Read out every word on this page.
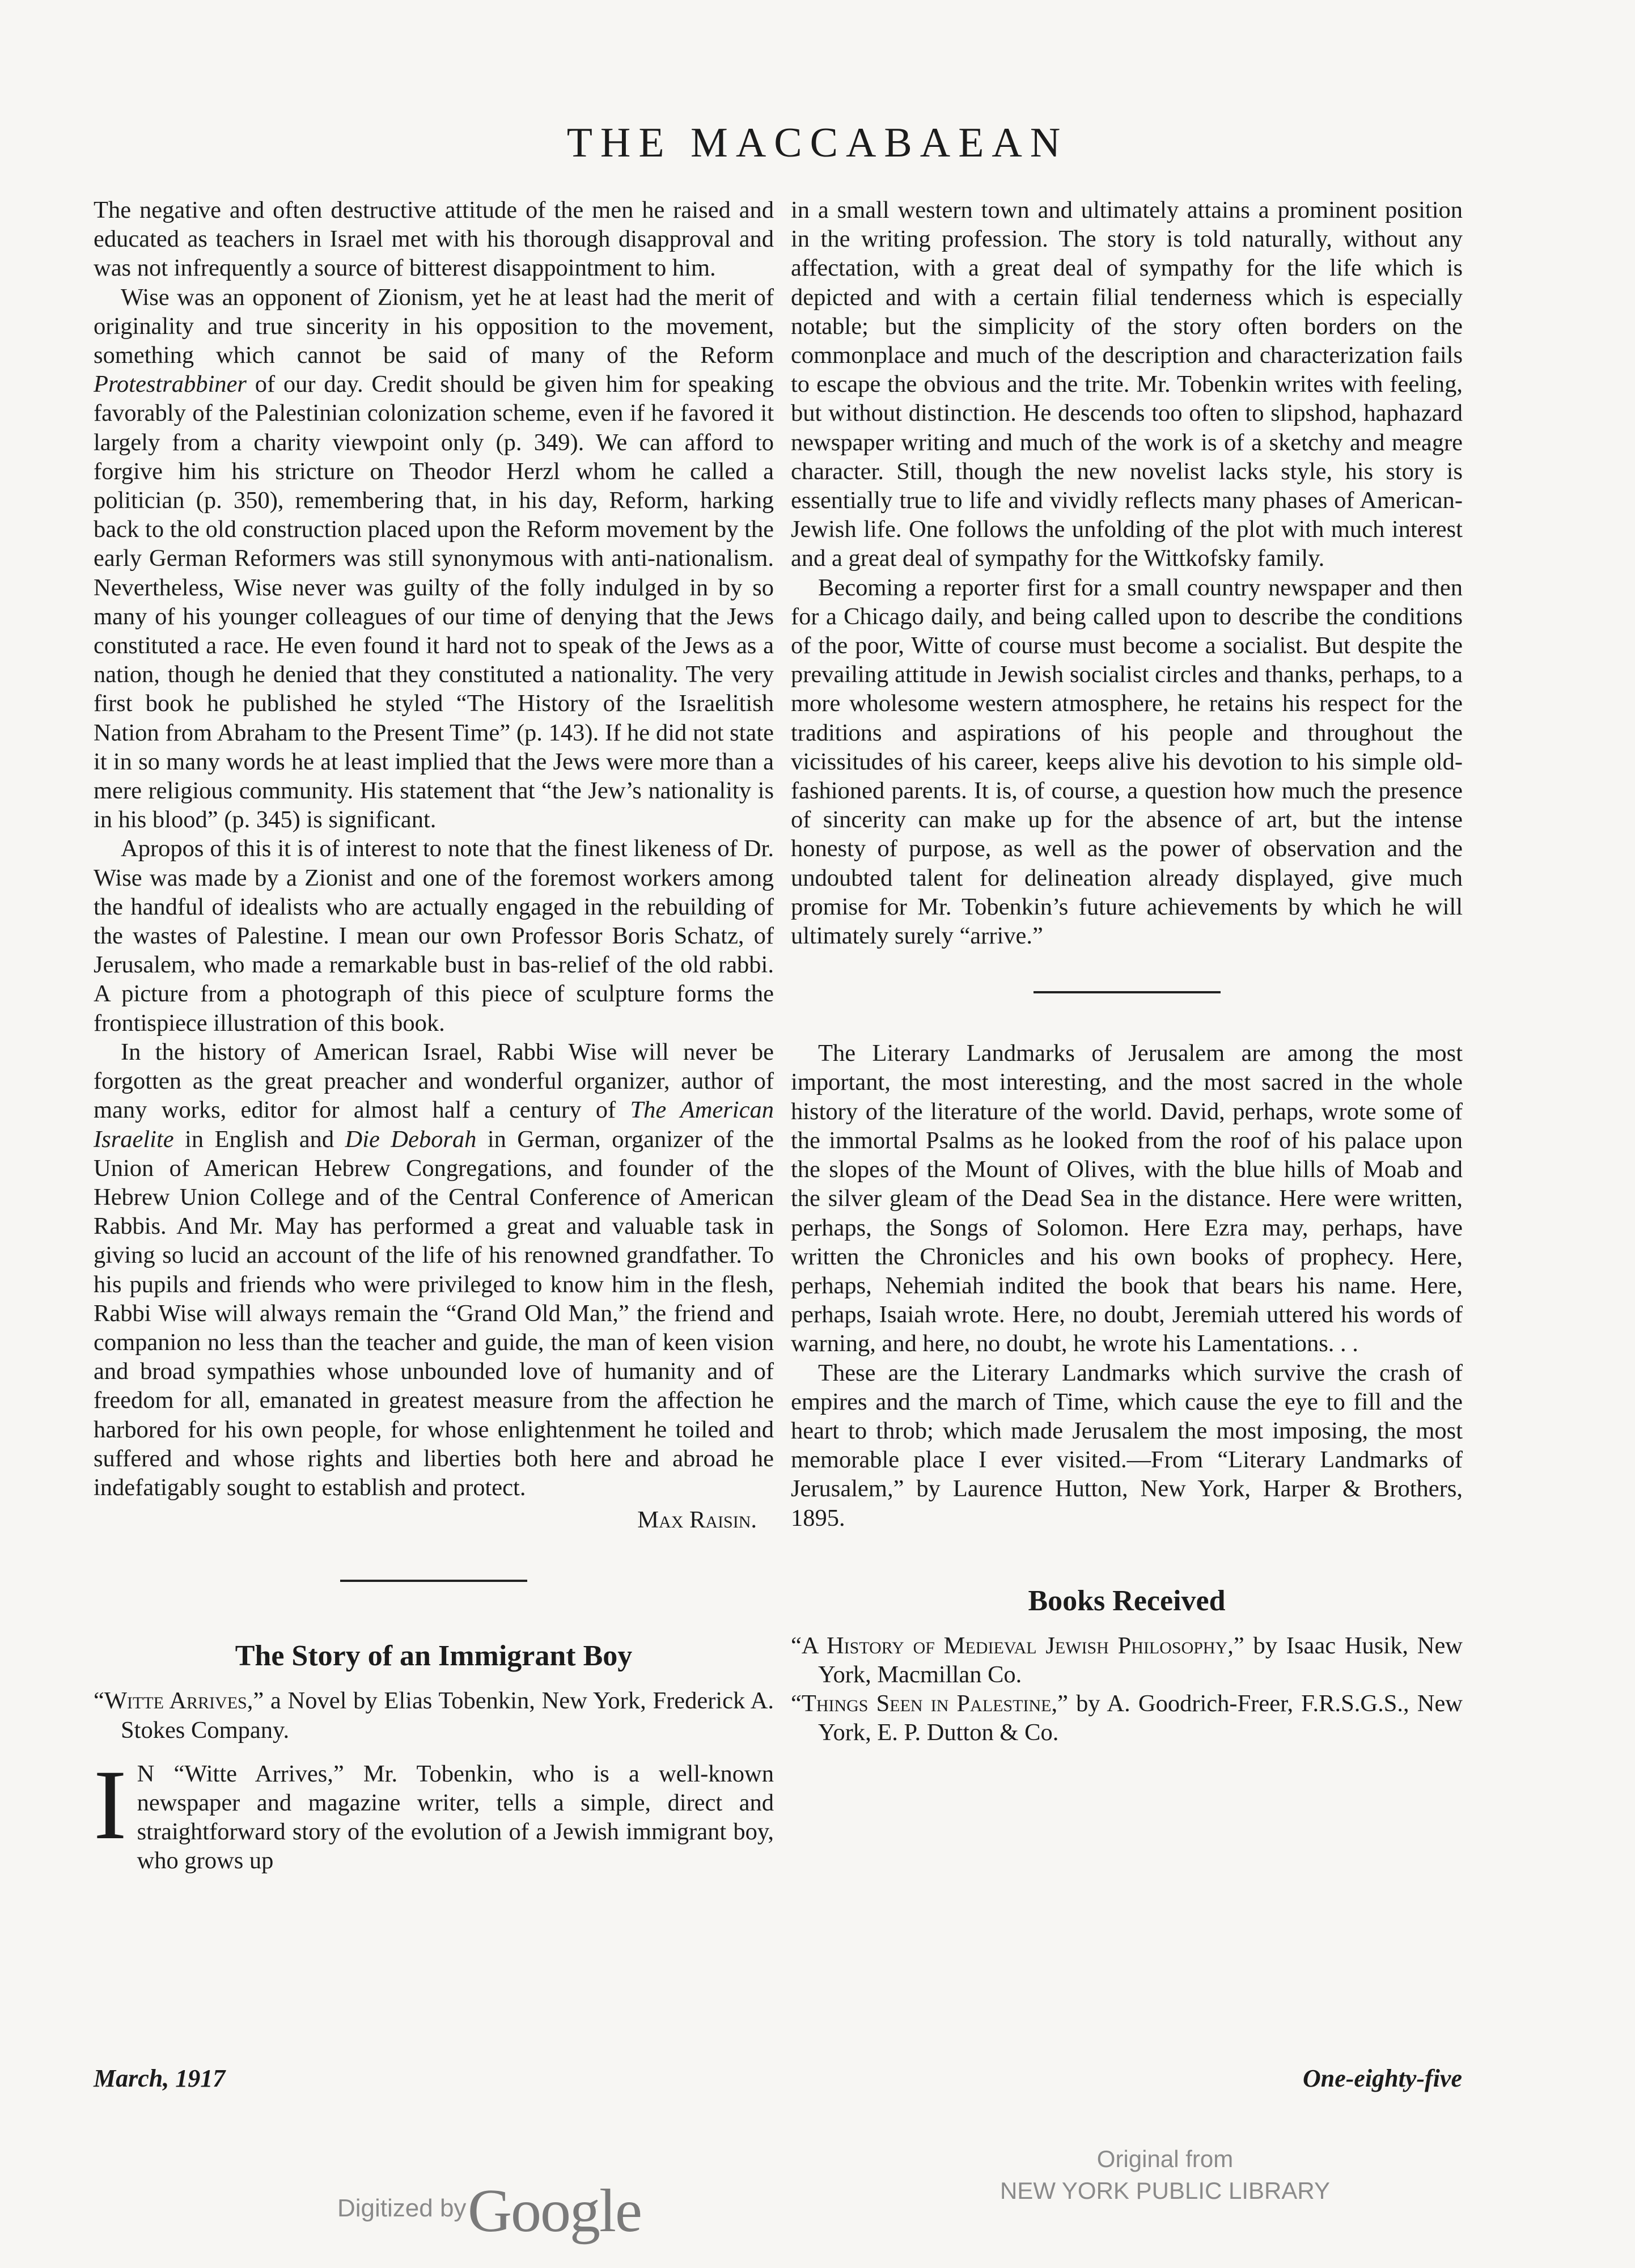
THE MACCABAEAN

The negative and often destructive attitude of the men he raised and educated as teachers in Israel met with his thorough disapproval and was not infrequently a source of bitterest disappointment to him.

Wise was an opponent of Zionism, yet he at least had the merit of originality and true sincerity in his opposition to the movement, something which cannot be said of many of the Reform Protestrabbiner of our day. Credit should be given him for speaking favorably of the Palestinian colonization scheme, even if he favored it largely from a charity viewpoint only (p. 349). We can afford to forgive him his stricture on Theodor Herzl whom he called a politician (p. 350), remembering that, in his day, Reform, harking back to the old construction placed upon the Reform movement by the early German Reformers was still synonymous with anti-nationalism. Nevertheless, Wise never was guilty of the folly indulged in by so many of his younger colleagues of our time of denying that the Jews constituted a race. He even found it hard not to speak of the Jews as a nation, though he denied that they constituted a nationality. The very first book he published he styled “The History of the Israelitish Nation from Abraham to the Present Time” (p. 143). If he did not state it in so many words he at least implied that the Jews were more than a mere religious community. His statement that “the Jew’s nationality is in his blood” (p. 345) is significant.

Apropos of this it is of interest to note that the finest likeness of Dr. Wise was made by a Zionist and one of the foremost workers among the handful of idealists who are actually engaged in the rebuilding of the wastes of Palestine. I mean our own Professor Boris Schatz, of Jerusalem, who made a remarkable bust in bas-relief of the old rabbi. A picture from a photograph of this piece of sculpture forms the frontispiece illustration of this book.

In the history of American Israel, Rabbi Wise will never be forgotten as the great preacher and wonderful organizer, author of many works, editor for almost half a century of The American Israelite in English and Die Deborah in German, organizer of the Union of American Hebrew Congregations, and founder of the Hebrew Union College and of the Central Conference of American Rabbis. And Mr. May has performed a great and valuable task in giving so lucid an account of the life of his renowned grandfather. To his pupils and friends who were privileged to know him in the flesh, Rabbi Wise will always remain the “Grand Old Man,” the friend and companion no less than the teacher and guide, the man of keen vision and broad sympathies whose unbounded love of humanity and of freedom for all, emanated in greatest measure from the affection he harbored for his own people, for whose enlightenment he toiled and suffered and whose rights and liberties both here and abroad he indefatigably sought to establish and protect.

Max Raisin.
The Story of an Immigrant Boy

“Witte Arrives,” a Novel by Elias Tobenkin, New York, Frederick A. Stokes Company.

I N “Witte Arrives,” Mr. Tobenkin, who is a well-known newspaper and magazine writer, tells a simple, direct and straightforward story of the evolution of a Jewish immigrant boy, who grows up

in a small western town and ultimately attains a prominent position in the writing profession. The story is told naturally, without any affectation, with a great deal of sympathy for the life which is depicted and with a certain filial tenderness which is especially notable; but the simplicity of the story often borders on the commonplace and much of the description and characterization fails to escape the obvious and the trite. Mr. Tobenkin writes with feeling, but without distinction. He descends too often to slipshod, haphazard newspaper writing and much of the work is of a sketchy and meagre character. Still, though the new novelist lacks style, his story is essentially true to life and vividly reflects many phases of American-Jewish life. One follows the unfolding of the plot with much interest and a great deal of sympathy for the Wittkofsky family.

Becoming a reporter first for a small country newspaper and then for a Chicago daily, and being called upon to describe the conditions of the poor, Witte of course must become a socialist. But despite the prevailing attitude in Jewish socialist circles and thanks, perhaps, to a more wholesome western atmosphere, he retains his respect for the traditions and aspirations of his people and throughout the vicissitudes of his career, keeps alive his devotion to his simple old-fashioned parents. It is, of course, a question how much the presence of sincerity can make up for the absence of art, but the intense honesty of purpose, as well as the power of observation and the undoubted talent for delineation already displayed, give much promise for Mr. Tobenkin’s future achievements by which he will ultimately surely “arrive.”

The Literary Landmarks of Jerusalem are among the most important, the most interesting, and the most sacred in the whole history of the literature of the world. David, perhaps, wrote some of the immortal Psalms as he looked from the roof of his palace upon the slopes of the Mount of Olives, with the blue hills of Moab and the silver gleam of the Dead Sea in the distance. Here were written, perhaps, the Songs of Solomon. Here Ezra may, perhaps, have written the Chronicles and his own books of prophecy. Here, perhaps, Nehemiah indited the book that bears his name. Here, perhaps, Isaiah wrote. Here, no doubt, Jeremiah uttered his words of warning, and here, no doubt, he wrote his Lamentations. . .

These are the Literary Landmarks which survive the crash of empires and the march of Time, which cause the eye to fill and the heart to throb; which made Jerusalem the most imposing, the most memorable place I ever visited.—From “Literary Landmarks of Jerusalem,” by Laurence Hutton, New York, Harper & Brothers, 1895.

Books Received

“A History of Medieval Jewish Philosophy,” by Isaac Husik, New York, Macmillan Co.

“Things Seen in Palestine,” by A. Goodrich-Freer, F.R.S.G.S., New York, E. P. Dutton & Co.

March, 1917	One-eighty-five
Digitized by Google
Original from
NEW YORK PUBLIC LIBRARY
